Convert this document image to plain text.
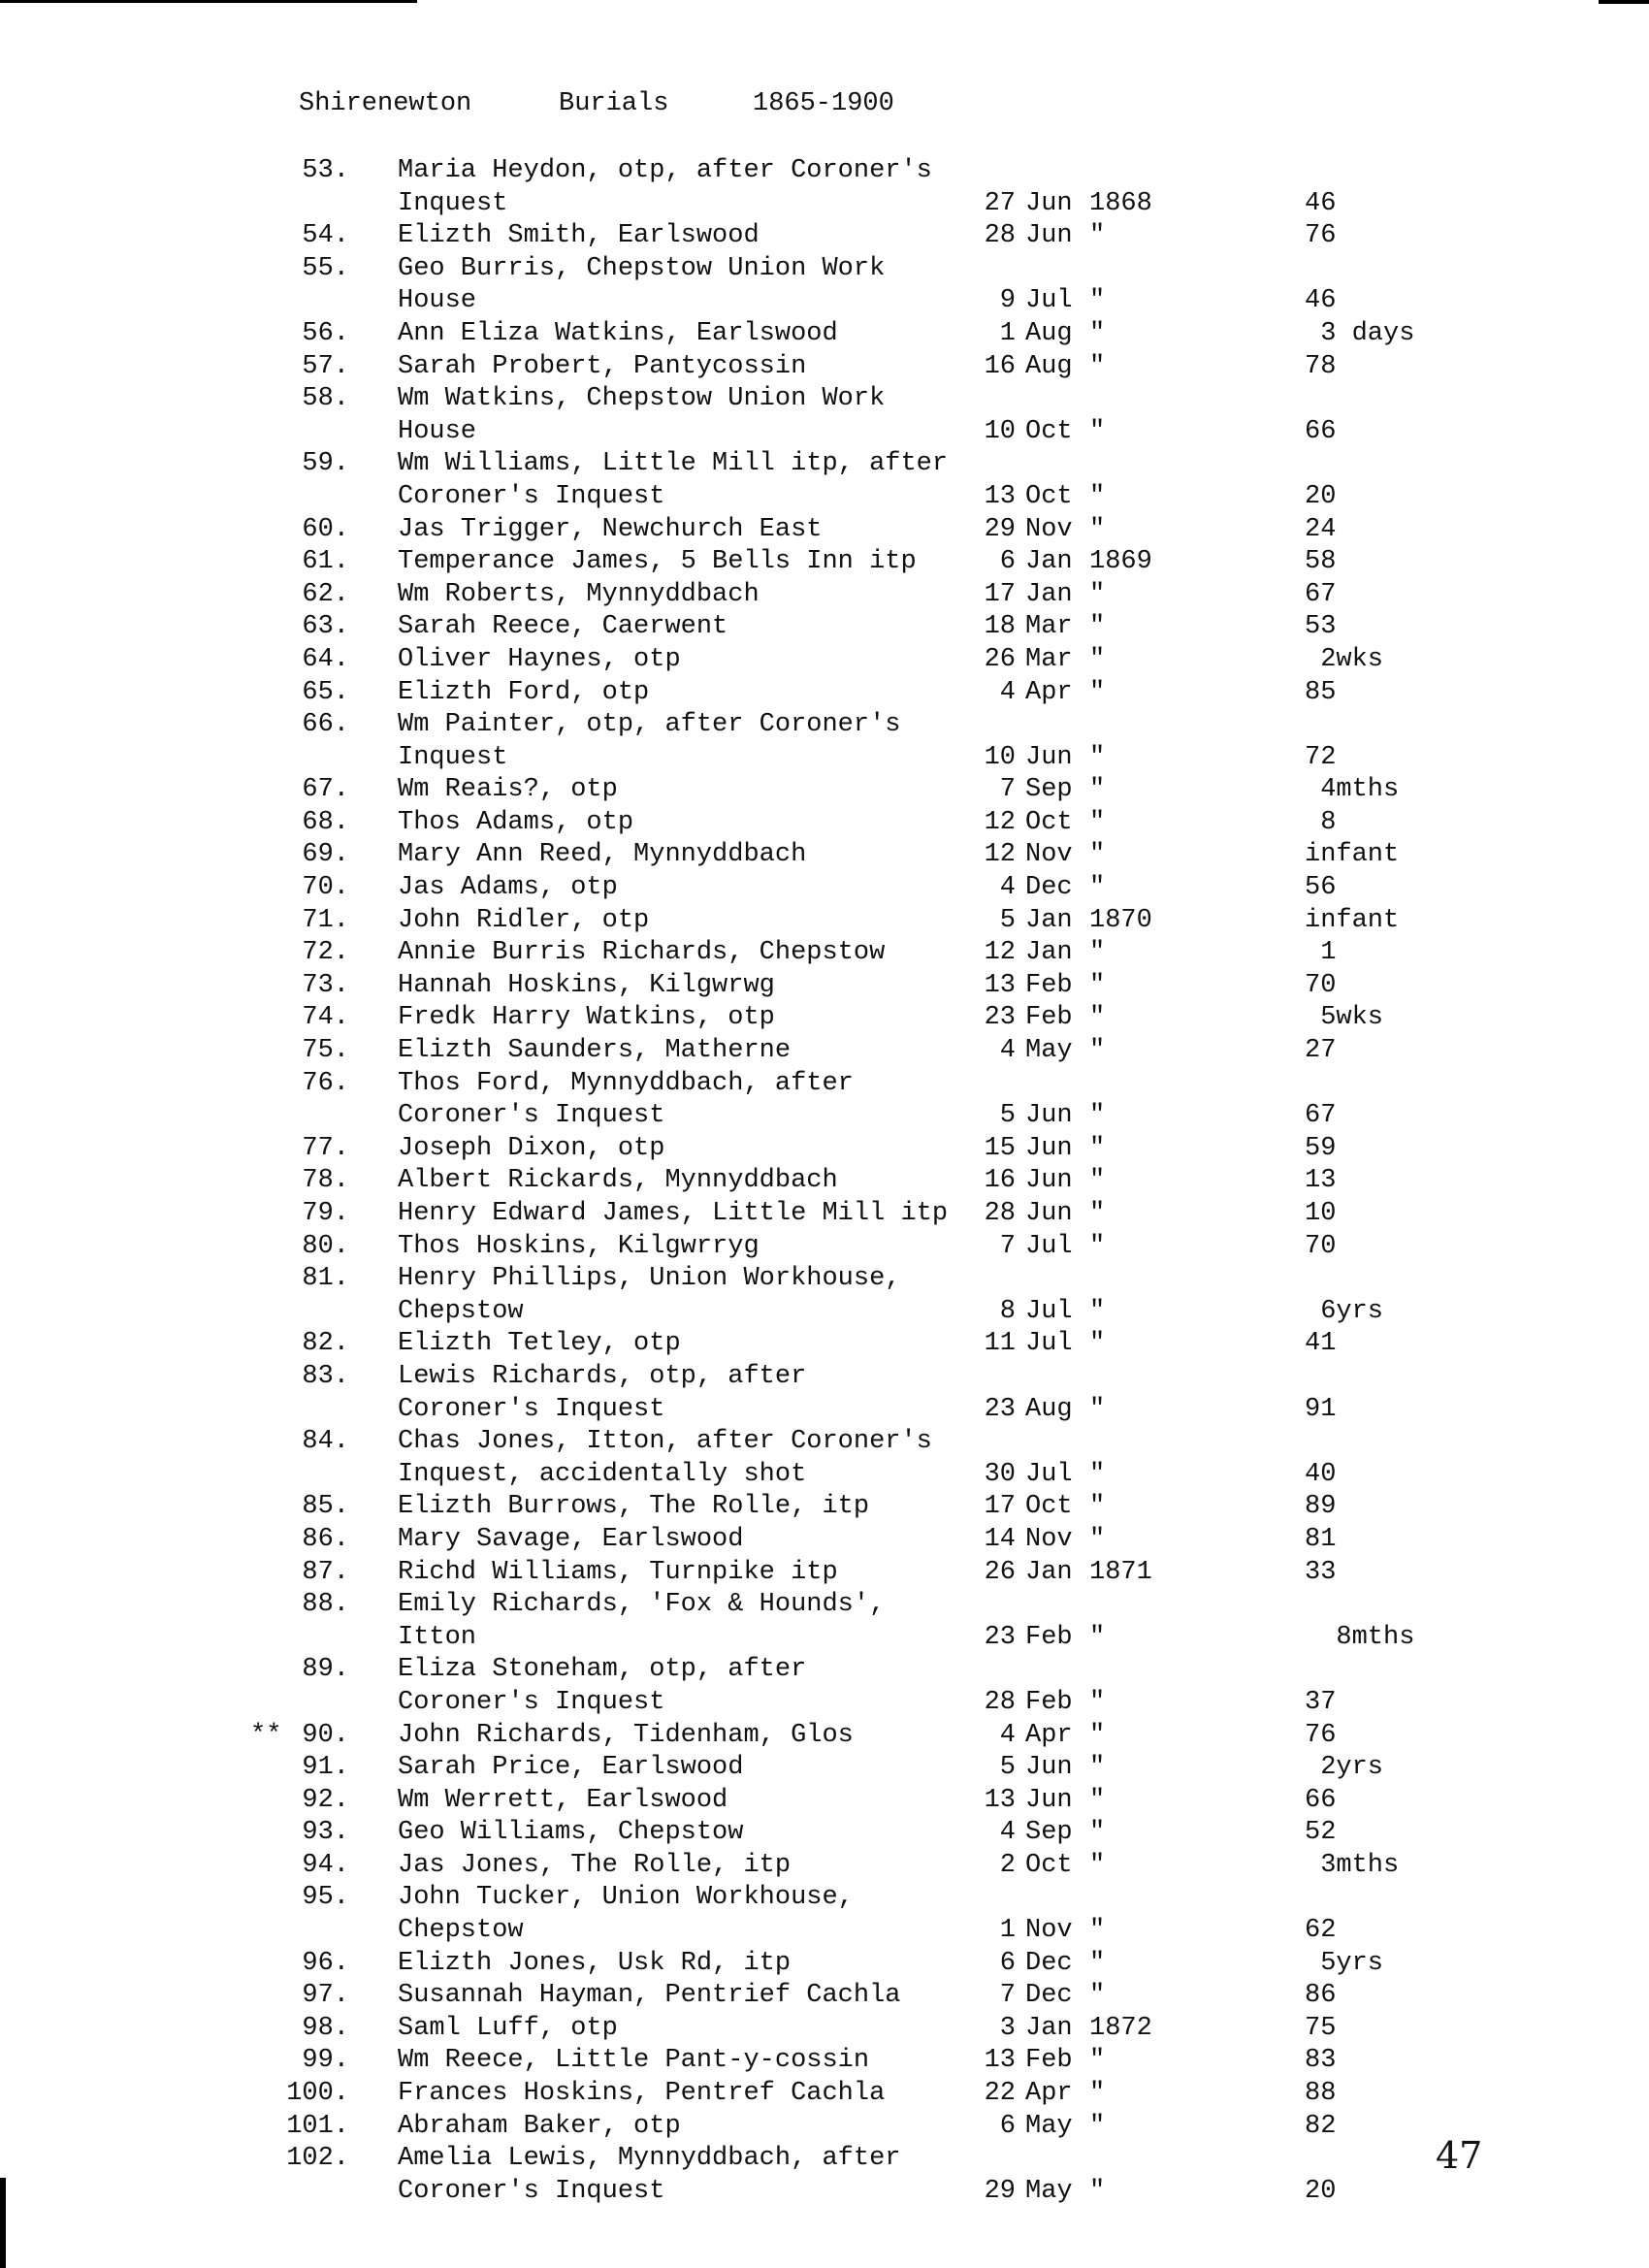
Shirenewton

	Burials

	1865-1900

53. Maria Heydon, otp, after Coroner's
Inquest	27 Jun 1868	46
54. Elizth Smith, Earlswood	28 Jun "	76
55. Geo Burris, Chepstow Union Work
House	9 Jul "	46
56. Ann Eliza Watkins, Earlswood	1 Aug "	3 days
57. Sarah Probert, Pantycossin	16 Aug "	78
58. Wm Watkins, Chepstow Union Work
House	10 Oct "	66
59. Wm Williams, Little Mill itp, after
Coroner's Inquest	13 Oct "	20
60. Jas Trigger, Newchurch East	29 Nov "	24
61. Temperance James, 5 Bells Inn itp	6 Jan 1869	58
62. Wm Roberts, Mynnyddbach	17 Jan "	67
63. Sarah Reece, Caerwent	18 Mar "	53
64. Oliver Haynes, otp	26 Mar "	2wks
65. Elizth Ford, otp	4 Apr "	85
66. Wm Painter, otp, after Coroner's
Inquest	10 Jun "	72
67. Wm Reais?, otp	7 Sep "	4mths
68. Thos Adams, otp	12 Oct "	8
69. Mary Ann Reed, Mynnyddbach	12 Nov "	infant
70. Jas Adams, otp	4 Dec "	56
71. John Ridler, otp	5 Jan 1870	infant
72. Annie Burris Richards, Chepstow	12 Jan "	1
73. Hannah Hoskins, Kilgwrwg	13 Feb "	70
74. Fredk Harry Watkins, otp	23 Feb "	5wks
75. Elizth Saunders, Matherne	4 May "	27
76. Thos Ford, Mynnyddbach, after
Coroner's Inquest	5 Jun "	67
77. Joseph Dixon, otp	15 Jun "	59
78. Albert Rickards, Mynnyddbach	16 Jun "	13
79. Henry Edward James, Little Mill itp	28 Jun "	10
80. Thos Hoskins, Kilgwrryg	7 Jul "	70
81. Henry Phillips, Union Workhouse,
Chepstow	8 Jul "	6yrs
82. Elizth Tetley, otp	11 Jul "	41
83. Lewis Richards, otp, after
Coroner's Inquest	23 Aug "	91
84. Chas Jones, Itton, after Coroner's
Inquest, accidentally shot	30 Jul "	40
85. Elizth Burrows, The Rolle, itp	17 Oct "	89
86. Mary Savage, Earlswood	14 Nov "	81
87. Richd Williams, Turnpike itp	26 Jan 1871	33
88. Emily Richards, 'Fox & Hounds',
Itton	23 Feb "	8mths
89. Eliza Stoneham, otp, after
Coroner's Inquest	28 Feb "	37
** 90. John Richards, Tidenham, Glos	4 Apr "	76
91. Sarah Price, Earlswood	5 Jun "	2yrs
92. Wm Werrett, Earlswood	13 Jun "	66
93. Geo Williams, Chepstow	4 Sep "	52
94. Jas Jones, The Rolle, itp	2 Oct "	3mths
95. John Tucker, Union Workhouse,
Chepstow	1 Nov "	62
96. Elizth Jones, Usk Rd, itp	6 Dec "	5yrs
97. Susannah Hayman, Pentrief Cachla	7 Dec "	86
98. Saml Luff, otp	3 Jan 1872	75
99. Wm Reece, Little Pant-y-cossin	13 Feb "	83
100. Frances Hoskins, Pentref Cachla	22 Apr "	88
101. Abraham Baker, otp	6 May "	82
102. Amelia Lewis, Mynnyddbach, after
Coroner's Inquest	29 May "	20
47
